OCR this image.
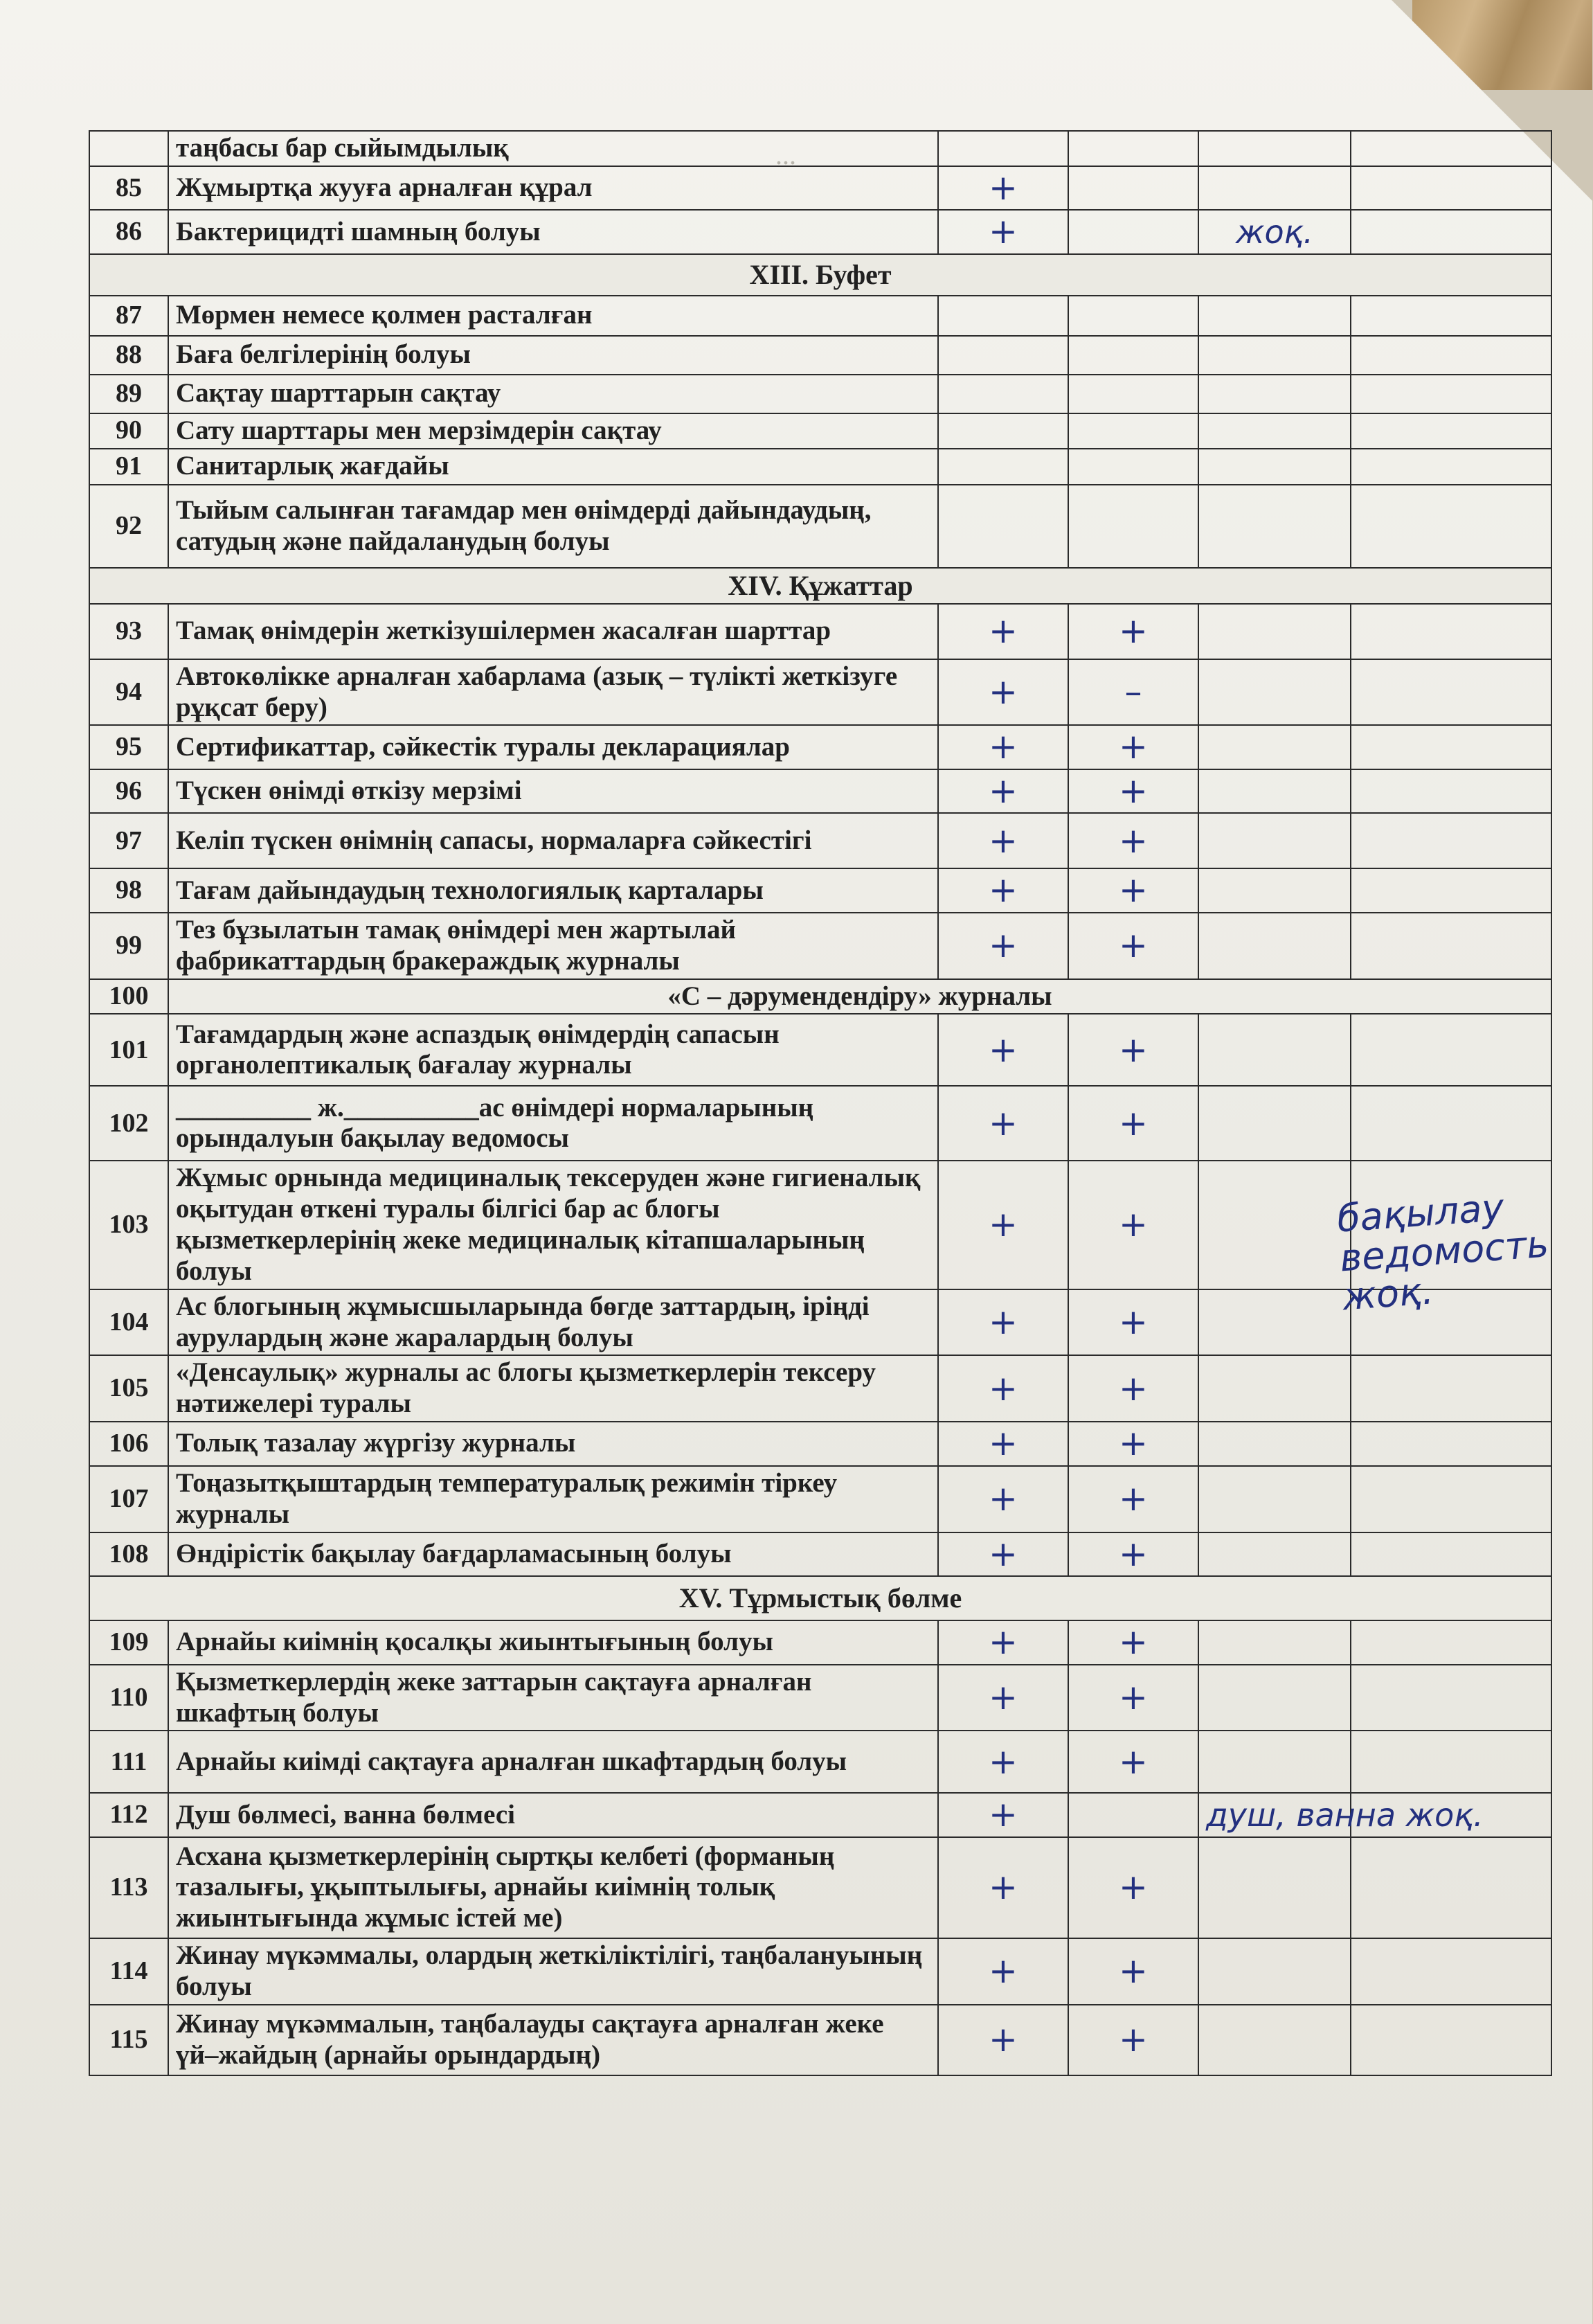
...
	таңбасы бар сыйымдылық				
85	Жұмыртқа жууға арналған құрал	+			
86	Бактерицидті шамның болуы	+		жоқ.	
XIII. Буфет					
87	Мөрмен немесе қолмен расталған				
88	Баға белгілерінің болуы				
89	Сақтау шарттарын сақтау				
90	Сату шарттары мен мерзімдерін сақтау				
91	Санитарлық жағдайы				
92	Тыйым салынған тағамдар мен өнімдерді дайындаудың, сатудың және пайдаланудың болуы				
XIV. Құжаттар					
93	Тамақ өнімдерін жеткізушілермен жасалған шарттар	+	+		
94	Автокөлікке арналған хабарлама (азық – түлікті жеткізуге рұқсат беру)	+	–		
95	Сертификаттар, сәйкестік туралы декларациялар	+	+		
96	Түскен өнімді өткізу мерзімі	+	+		
97	Келіп түскен өнімнің сапасы, нормаларға сәйкестігі	+	+		
98	Тағам дайындаудың технологиялық карталары	+	+		
99	Тез бұзылатын тамақ өнімдері мен жартылай фабрикаттардың бракераждық журналы	+	+		
100	«С – дәрумендендіру» журналы				
101	Тағамдардың және аспаздық өнімдердің сапасын органолептикалық бағалау журналы	+	+		
102	__________ ж.__________ас өнімдері нормаларының орындалуын бақылау ведомосы	+	+		
103	Жұмыс орнында медициналық тексеруден және гигиеналық оқытудан өткені туралы білгісі бар ас блогы қызметкерлерінің жеке медициналық кітапшаларының болуы	+	+		
104	Ас блогының жұмысшыларында бөгде заттардың, іріңді аурулардың және жаралардың болуы	+	+		
105	«Денсаулық» журналы ас блогы қызметкерлерін тексеру нәтижелері туралы	+	+		
106	Толық тазалау жүргізу журналы	+	+		
107	Тоңазытқыштардың температуралық режимін тіркеу журналы	+	+		
108	Өндірістік бақылау бағдарламасының болуы	+	+		
XV. Тұрмыстық бөлме					
109	Арнайы киімнің қосалқы жиынтығының болуы	+	+		
110	Қызметкерлердің жеке заттарын сақтауға арналған шкафтың болуы	+	+		
111	Арнайы киімді сақтауға арналған шкафтардың болуы	+	+		
112	Душ бөлмесі, ванна бөлмесі	+		душ, ванна жоқ.	
113	Асхана қызметкерлерінің сыртқы келбеті (форманың тазалығы, ұқыптылығы, арнайы киімнің толық жиынтығында жұмыс істей ме)	+	+		
114	Жинау мүкәммалы, олардың жеткіліктілігі, таңбалануының болуы	+	+		
115	Жинау мүкәммалын, таңбалауды сақтауға арналған жеке үй–жайдың (арнайы орындардың)	+	+		
бақылау ведомость жоқ.
